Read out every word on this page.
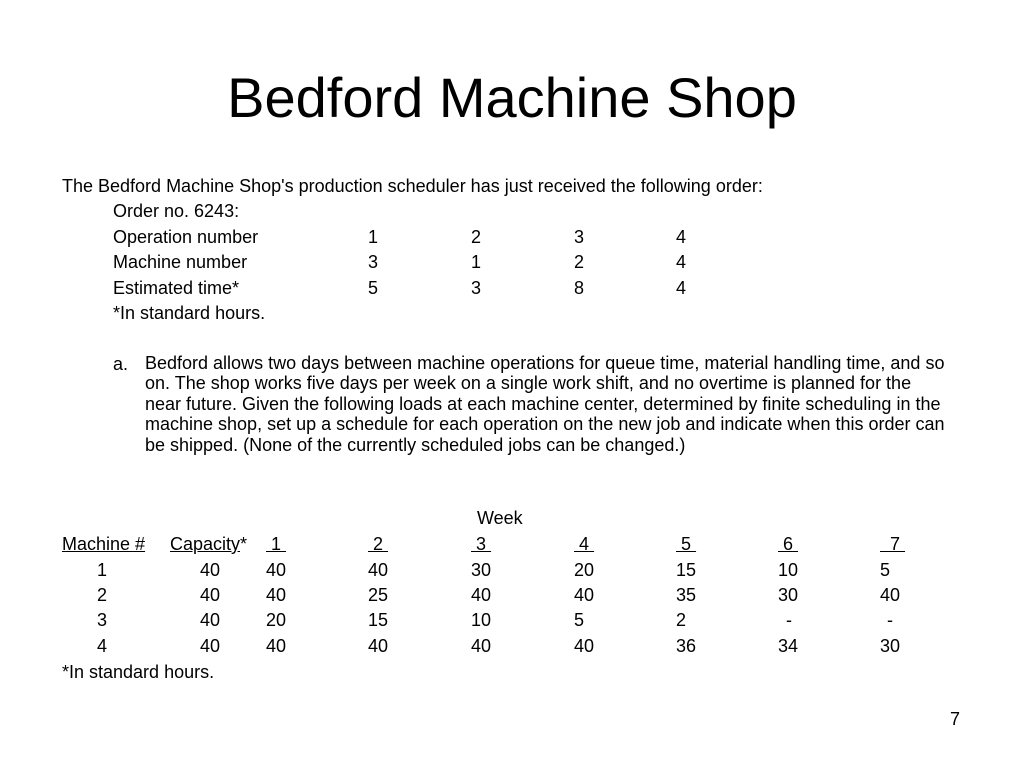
Bedford Machine Shop
The Bedford Machine Shop's production scheduler has just received the following order:
Order no. 6243:
Operation number	1	2	3	4
Machine number	3	1	2	4
Estimated time*	5	3	8	4
*In standard hours.
a. Bedford allows two days between machine operations for queue time, material handling time, and so on. The shop works five days per week on a single work shift, and no overtime is planned for the near future. Given the following loads at each machine center, determined by finite scheduling in the machine shop, set up a schedule for each operation on the new job and indicate when this order can be shipped. (None of the currently scheduled jobs can be changed.)
Week
Machine # Capacity* 1	2	3	4	5	6	7
1	40	40	40	30	20	15	10	5
2	40	40	25	40	40	35	30	40
3	40	20	15	10	5	2	-	-
4	40	40	40	40	40	36	34	30
*In standard hours.
7
